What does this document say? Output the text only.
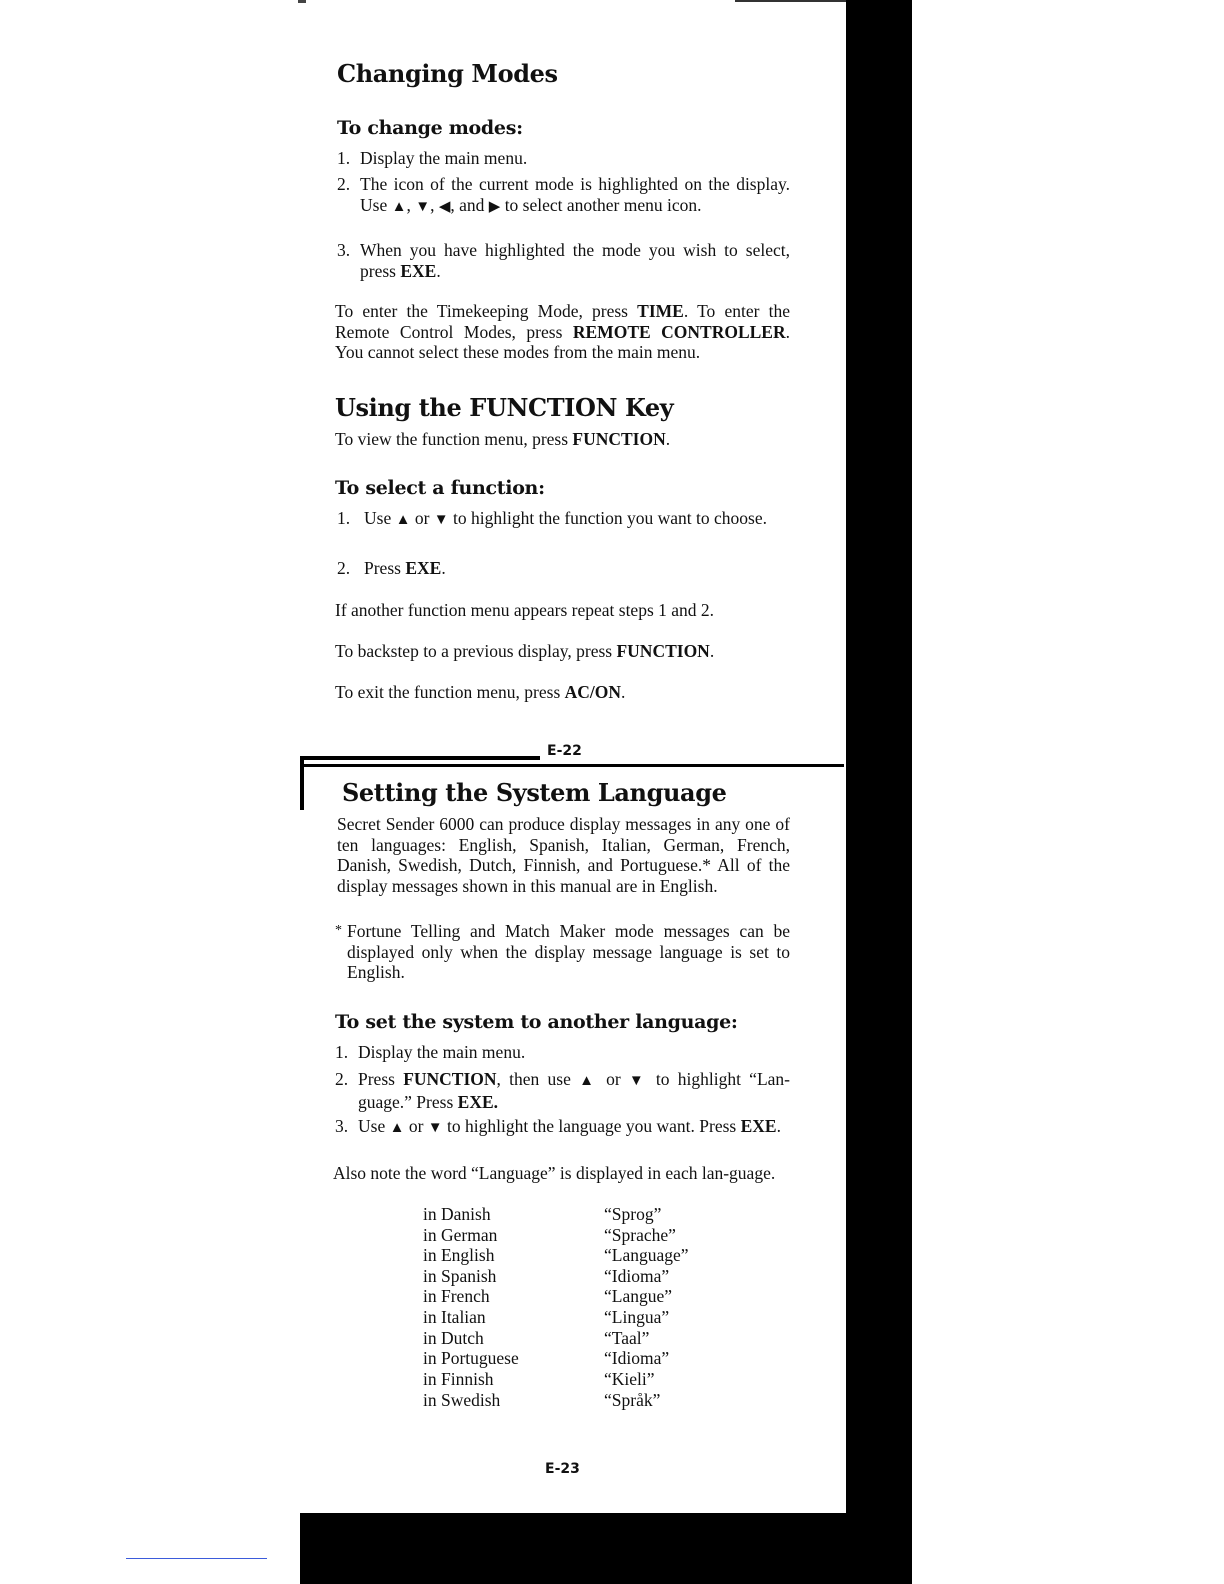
Changing Modes
To change modes:
1. Display the main menu.

2. The icon of the current mode is highlighted on the display. Use ▲, ▼, ◀, and ▶ to select another menu icon.

3. When you have highlighted the mode you wish to select, press EXE.

To enter the Timekeeping Mode, press TIME. To enter the Remote Control Modes, press REMOTE CONTROLLER. You cannot select these modes from the main menu.

Using the FUNCTION Key

To view the function menu, press FUNCTION.

To select a function:
1. Use ▲ or ▼ to highlight the function you want to choose.

2. Press EXE.

If another function menu appears repeat steps 1 and 2.

To backstep to a previous display, press FUNCTION.

To exit the function menu, press AC/ON.

E-22
Setting the System Language

Secret Sender 6000 can produce display messages in any one of ten languages: English, Spanish, Italian, German, French, Danish, Swedish, Dutch, Finnish, and Portuguese.* All of the display messages shown in this manual are in English.

* Fortune Telling and Match Maker mode messages can be displayed only when the display message language is set to English.

To set the system to another language:
1. Display the main menu.

2. Press FUNCTION, then use ▲ or ▼ to highlight “Lan-guage.” Press EXE.

3. Use ▲ or ▼ to highlight the language you want. Press EXE.

Also note the word “Language” is displayed in each lan-guage.

in Danish	“Sprog”
in German	“Sprache”
in English	“Language”
in Spanish	“Idioma”
in French	“Langue”
in Italian	“Lingua”
in Dutch	“Taal”
in Portuguese	“Idioma”
in Finnish	“Kieli”
in Swedish	“Språk”
E-23
